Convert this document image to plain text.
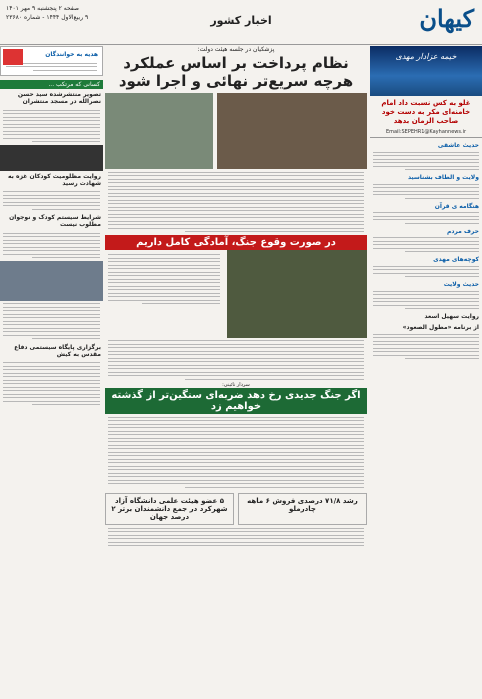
کیهان
اخبار کشور
صفحه ۲ پنجشنبه ۹ مهر ۱۴۰۱
۹ ربیع‌الاول ۱۴۴۴ - شماره ۲۳۶۸۰
خیمه عزادار مهدی
غلو به کس نسبت داد امام خامنه‌ای مکر به دست خود صاحب الزمان بدهد
Email:SEPEHR1@Kayhannews.ir
حدیث عاشقی
ولایت و الطاف بشناسید
هنگامه ی قرآن
حرف مردم
کوچه‌های مهدی
حدیث ولایت
روایت سهیل اسعد
از برنامه «مطول الصعود»
پزشکیان در جلسه هیئت دولت:
نظام پرداخت بر اساس عملکرد
هرچه سریع‌تر نهائی و اجرا شود
در صورت وقوع جنگ، آمادگی کامل داریم
سردار نائینی:
اگر جنگ جدیدی رخ دهد ضربه‌ای سنگین‌تر از گذشته خواهیم زد
رشد ۷۱/۸ درصدی فروش ۶ ماهه چادرملو
۵ عضو هیئت علمی دانشگاه آزاد شهرکرد در جمع دانشمندان برتر ۲ درصد جهان
هدیه به خوانندگان
کسانی که مرتکب ...
تصویر منتشرشده سید حسن نصرالله در مسجد منتشران
روایت مظلومیت کودکان غزه به شهادت رسید
شرایط سیستم کودک و نوجوان مطلوب نیست
برگزاری پایگاه سیستمی دفاع مقدس به کیش
